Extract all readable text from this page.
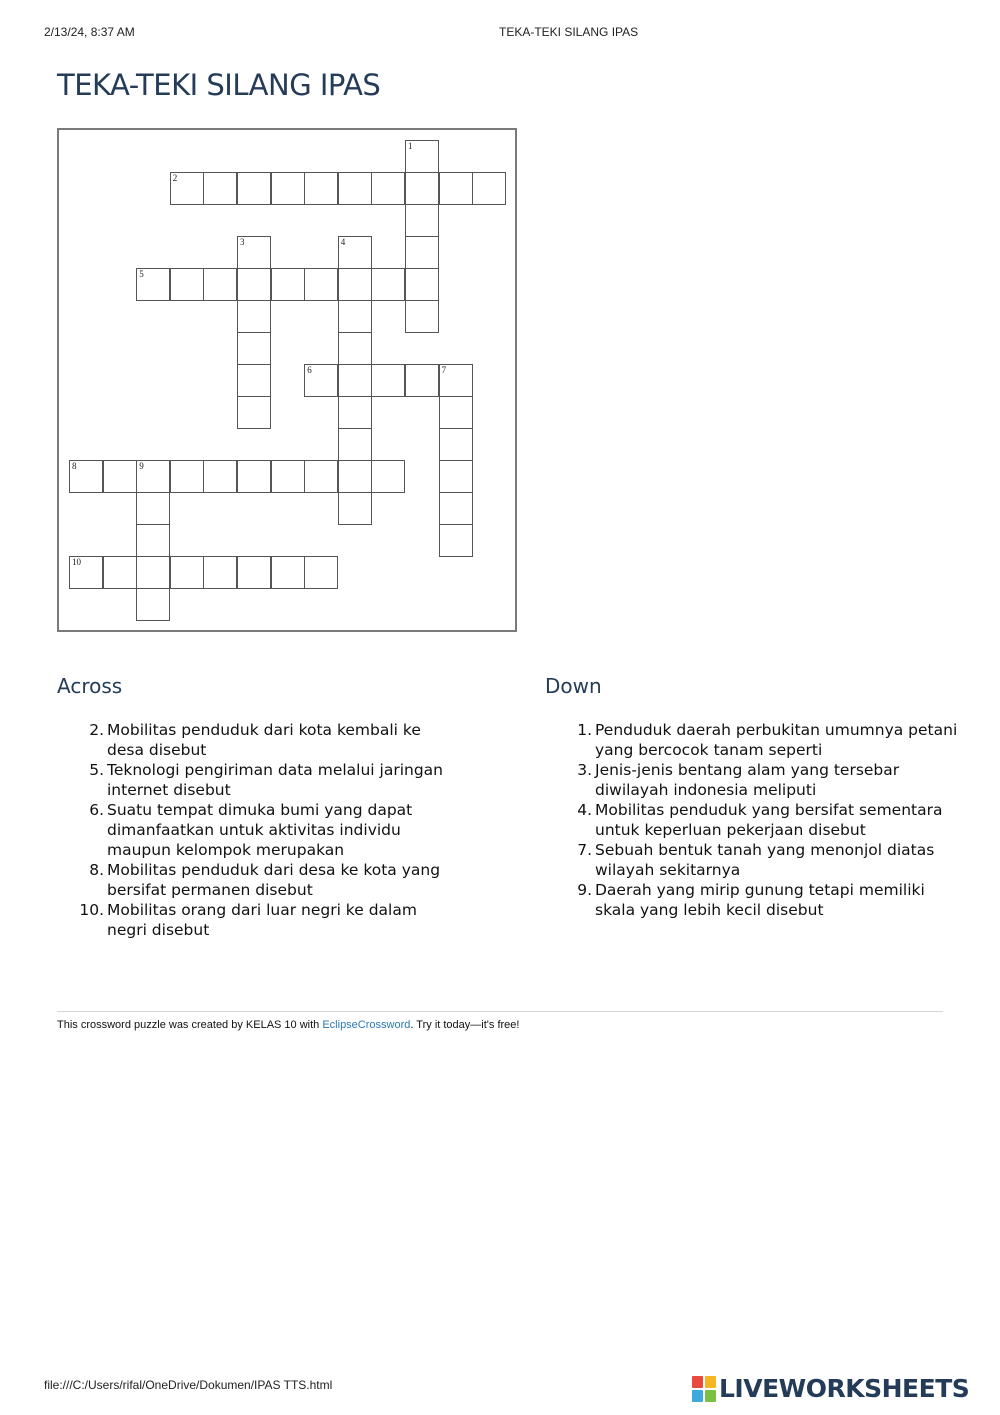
2/13/24, 8:37 AM	TEKA-TEKI SILANG IPAS
TEKA-TEKI SILANG IPAS
1
2
3	4
5
6	7
8	9
10
Across
2. Mobilitas penduduk dari kota kembali ke desa disebut
5. Teknologi pengiriman data melalui jaringan internet disebut
6. Suatu tempat dimuka bumi yang dapat dimanfaatkan untuk aktivitas individu maupun kelompok merupakan
8. Mobilitas penduduk dari desa ke kota yang bersifat permanen disebut
10. Mobilitas orang dari luar negri ke dalam negri disebut
Down
1. Penduduk daerah perbukitan umumnya petani yang bercocok tanam seperti
3. Jenis-jenis bentang alam yang tersebar diwilayah indonesia meliputi
4. Mobilitas penduduk yang bersifat sementara untuk keperluan pekerjaan disebut
7. Sebuah bentuk tanah yang menonjol diatas wilayah sekitarnya
9. Daerah yang mirip gunung tetapi memiliki skala yang lebih kecil disebut
This crossword puzzle was created by KELAS 10 with EclipseCrossword. Try it today—it's free!
file:///C:/Users/rifal/OneDrive/Dokumen/IPAS TTS.html	LIVEWORKSHEETS
